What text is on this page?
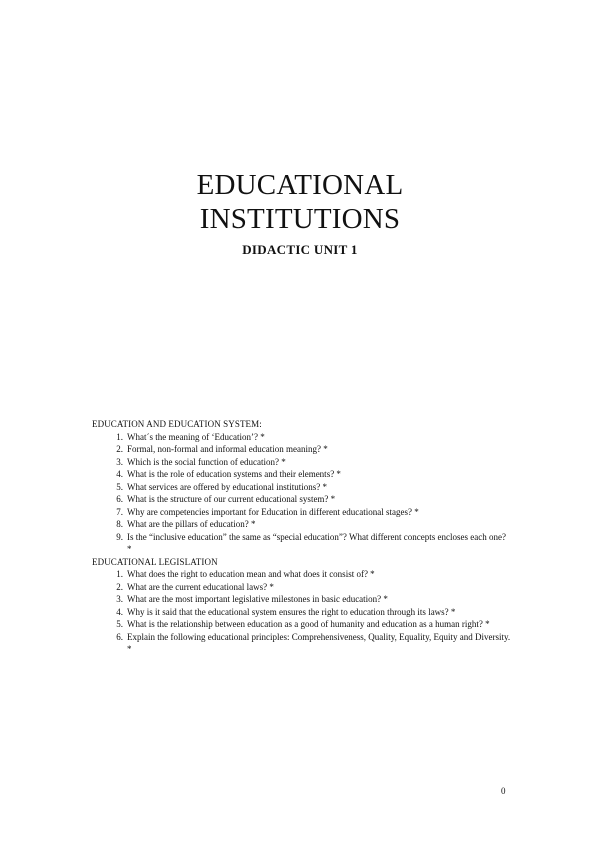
EDUCATIONAL
INSTITUTIONS
DIDACTIC UNIT 1

EDUCATION AND EDUCATION SYSTEM:

1. What´s the meaning of ‘Education’? *
2. Formal, non-formal and informal education meaning? *
3. Which is the social function of education? *
4. What is the role of education systems and their elements? *
5. What services are offered by educational institutions? *
6. What is the structure of our current educational system? *
7. Why are competencies important for Education in different educational stages? *
8. What are the pillars of education? *
9. Is the “inclusive education” the same as “special education”? What different concepts encloses each one? *

EDUCATIONAL LEGISLATION

1. What does the right to education mean and what does it consist of? *
2. What are the current educational laws? *
3. What are the most important legislative milestones in basic education? *
4. Why is it said that the educational system ensures the right to education through its laws? *
5. What is the relationship between education as a good of humanity and education as a human right? *
6. Explain the following educational principles: Comprehensiveness, Quality, Equality, Equity and Diversity. *
0
